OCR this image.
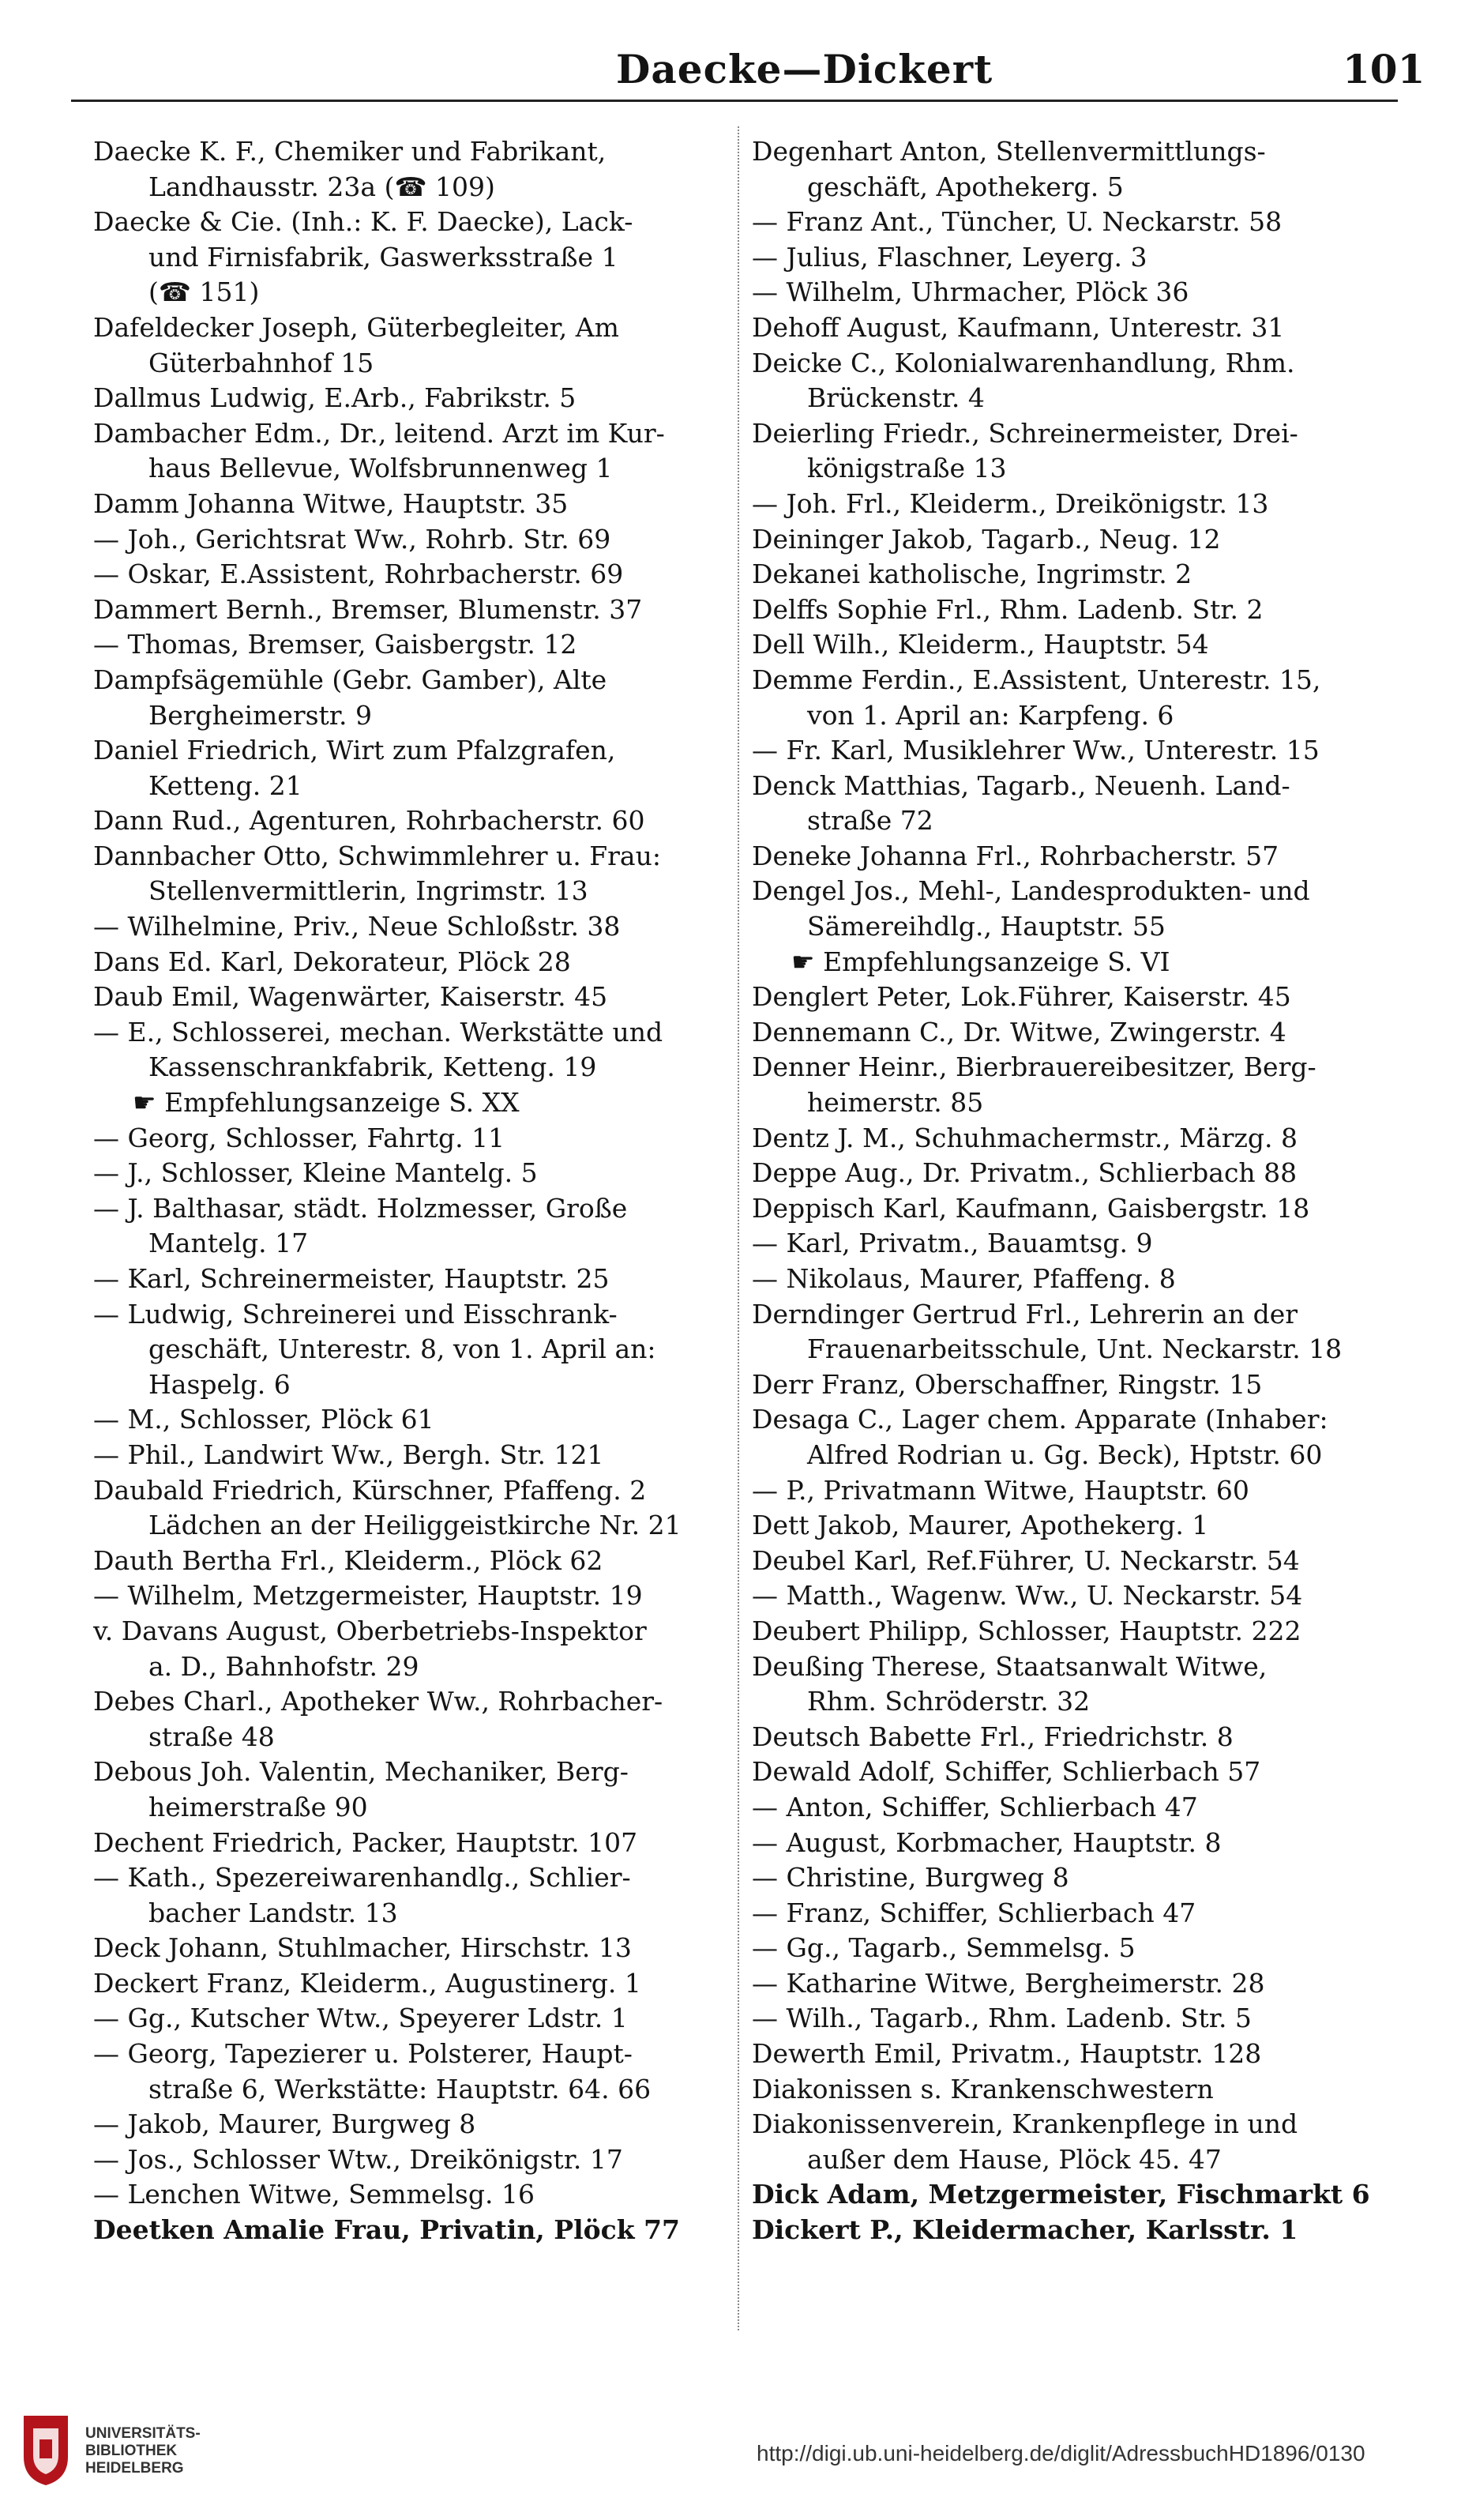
Daecke—Dickert	101
Daecke K. F., Chemiker und Fabrikant,
Landhausstr. 23a (☎ 109)
Daecke & Cie. (Inh.: K. F. Daecke), Lack-
und Firnisfabrik, Gaswerksstraße 1
(☎ 151)
Dafeldecker Joseph, Güterbegleiter, Am
Güterbahnhof 15
Dallmus Ludwig, E.Arb., Fabrikstr. 5
Dambacher Edm., Dr., leitend. Arzt im Kur-
haus Bellevue, Wolfsbrunnenweg 1
Damm Johanna Witwe, Hauptstr. 35
— Joh., Gerichtsrat Ww., Rohrb. Str. 69
— Oskar, E.Assistent, Rohrbacherstr. 69
Dammert Bernh., Bremser, Blumenstr. 37
— Thomas, Bremser, Gaisbergstr. 12
Dampfsägemühle (Gebr. Gamber), Alte
Bergheimerstr. 9
Daniel Friedrich, Wirt zum Pfalzgrafen,
Ketteng. 21
Dann Rud., Agenturen, Rohrbacherstr. 60
Dannbacher Otto, Schwimmlehrer u. Frau:
Stellenvermittlerin, Ingrimstr. 13
— Wilhelmine, Priv., Neue Schloßstr. 38
Dans Ed. Karl, Dekorateur, Plöck 28
Daub Emil, Wagenwärter, Kaiserstr. 45
— E., Schlosserei, mechan. Werkstätte und
Kassenschrankfabrik, Ketteng. 19
☛ Empfehlungsanzeige S. XX
— Georg, Schlosser, Fahrtg. 11
— J., Schlosser, Kleine Mantelg. 5
— J. Balthasar, städt. Holzmesser, Große
Mantelg. 17
— Karl, Schreinermeister, Hauptstr. 25
— Ludwig, Schreinerei und Eisschrank-
geschäft, Unterestr. 8, von 1. April an:
Haspelg. 6
— M., Schlosser, Plöck 61
— Phil., Landwirt Ww., Bergh. Str. 121
Daubald Friedrich, Kürschner, Pfaffeng. 2
Lädchen an der Heiliggeistkirche Nr. 21
Dauth Bertha Frl., Kleiderm., Plöck 62
— Wilhelm, Metzgermeister, Hauptstr. 19
v. Davans August, Oberbetriebs-Inspektor
a. D., Bahnhofstr. 29
Debes Charl., Apotheker Ww., Rohrbacher-
straße 48
Debous Joh. Valentin, Mechaniker, Berg-
heimerstraße 90
Dechent Friedrich, Packer, Hauptstr. 107
— Kath., Spezereiwarenhandlg., Schlier-
bacher Landstr. 13
Deck Johann, Stuhlmacher, Hirschstr. 13
Deckert Franz, Kleiderm., Augustinerg. 1
— Gg., Kutscher Wtw., Speyerer Ldstr. 1
— Georg, Tapezierer u. Polsterer, Haupt-
straße 6, Werkstätte: Hauptstr. 64. 66
— Jakob, Maurer, Burgweg 8
— Jos., Schlosser Wtw., Dreikönigstr. 17
— Lenchen Witwe, Semmelsg. 16
Deetken Amalie Frau, Privatin, Plöck 77
Degenhart Anton, Stellenvermittlungs-
geschäft, Apothekerg. 5
— Franz Ant., Tüncher, U. Neckarstr. 58
— Julius, Flaschner, Leyerg. 3
— Wilhelm, Uhrmacher, Plöck 36
Dehoff August, Kaufmann, Unterestr. 31
Deicke C., Kolonialwarenhandlung, Rhm.
Brückenstr. 4
Deierling Friedr., Schreinermeister, Drei-
königstraße 13
— Joh. Frl., Kleiderm., Dreikönigstr. 13
Deininger Jakob, Tagarb., Neug. 12
Dekanei katholische, Ingrimstr. 2
Delffs Sophie Frl., Rhm. Ladenb. Str. 2
Dell Wilh., Kleiderm., Hauptstr. 54
Demme Ferdin., E.Assistent, Unterestr. 15,
von 1. April an: Karpfeng. 6
— Fr. Karl, Musiklehrer Ww., Unterestr. 15
Denck Matthias, Tagarb., Neuenh. Land-
straße 72
Deneke Johanna Frl., Rohrbacherstr. 57
Dengel Jos., Mehl-, Landesprodukten- und
Sämereihdlg., Hauptstr. 55
☛ Empfehlungsanzeige S. VI
Denglert Peter, Lok.Führer, Kaiserstr. 45
Dennemann C., Dr. Witwe, Zwingerstr. 4
Denner Heinr., Bierbrauereibesitzer, Berg-
heimerstr. 85
Dentz J. M., Schuhmachermstr., Märzg. 8
Deppe Aug., Dr. Privatm., Schlierbach 88
Deppisch Karl, Kaufmann, Gaisbergstr. 18
— Karl, Privatm., Bauamtsg. 9
— Nikolaus, Maurer, Pfaffeng. 8
Derndinger Gertrud Frl., Lehrerin an der
Frauenarbeitsschule, Unt. Neckarstr. 18
Derr Franz, Oberschaffner, Ringstr. 15
Desaga C., Lager chem. Apparate (Inhaber:
Alfred Rodrian u. Gg. Beck), Hptstr. 60
— P., Privatmann Witwe, Hauptstr. 60
Dett Jakob, Maurer, Apothekerg. 1
Deubel Karl, Ref.Führer, U. Neckarstr. 54
— Matth., Wagenw. Ww., U. Neckarstr. 54
Deubert Philipp, Schlosser, Hauptstr. 222
Deußing Therese, Staatsanwalt Witwe,
Rhm. Schröderstr. 32
Deutsch Babette Frl., Friedrichstr. 8
Dewald Adolf, Schiffer, Schlierbach 57
— Anton, Schiffer, Schlierbach 47
— August, Korbmacher, Hauptstr. 8
— Christine, Burgweg 8
— Franz, Schiffer, Schlierbach 47
— Gg., Tagarb., Semmelsg. 5
— Katharine Witwe, Bergheimerstr. 28
— Wilh., Tagarb., Rhm. Ladenb. Str. 5
Dewerth Emil, Privatm., Hauptstr. 128
Diakonissen s. Krankenschwestern
Diakonissenverein, Krankenpflege in und
außer dem Hause, Plöck 45. 47
Dick Adam, Metzgermeister, Fischmarkt 6
Dickert P., Kleidermacher, Karlsstr. 1
UNIVERSITÄTS-
BIBLIOTHEK
HEIDELBERG
http://digi.ub.uni-heidelberg.de/diglit/AdressbuchHD1896/0130
